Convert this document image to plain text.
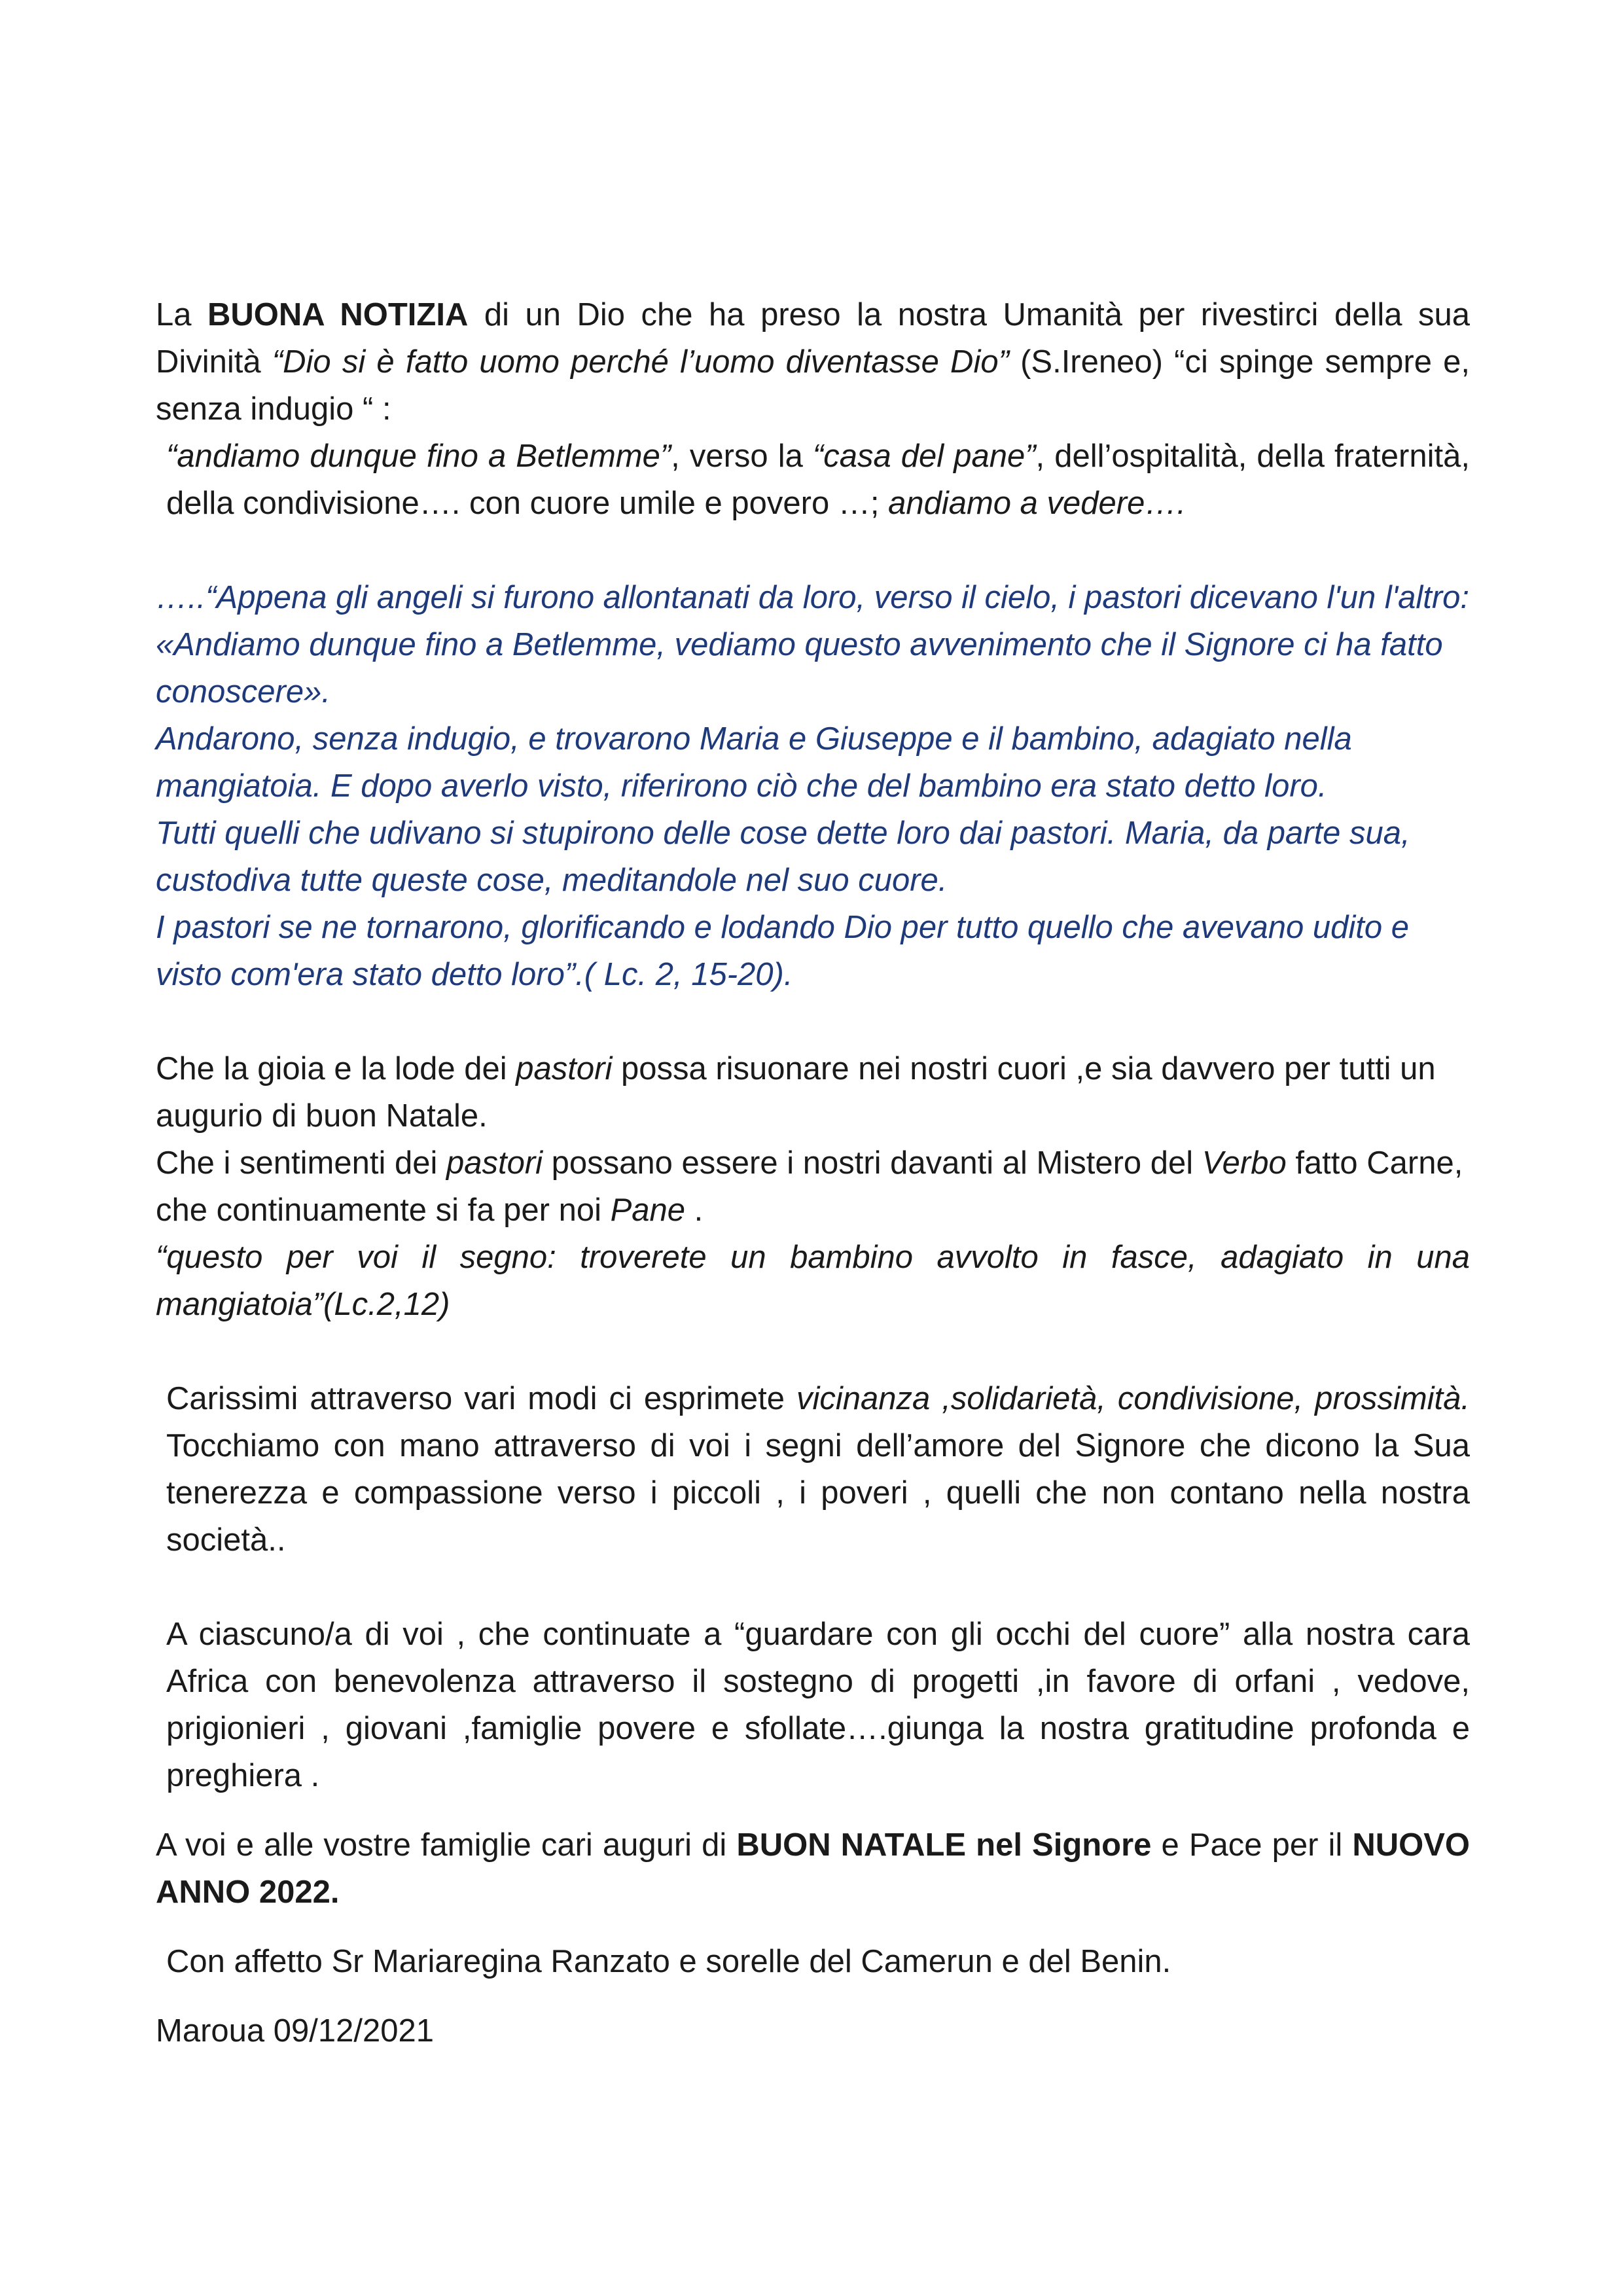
La BUONA NOTIZIA di un Dio che ha preso la nostra Umanità per rivestirci della sua Divinità “Dio si è fatto uomo perché l’uomo diventasse Dio” (S.Ireneo) “ci spinge sempre e, senza indugio “ :

“andiamo dunque fino a Betlemme”, verso la “casa del pane”, dell’ospitalità, della fraternità, della condivisione…. con cuore umile e povero …; andiamo a vedere….

…..“Appena gli angeli si furono allontanati da loro, verso il cielo, i pastori dicevano l'un l'altro: «Andiamo dunque fino a Betlemme, vediamo questo avvenimento che il Signore ci ha fatto conoscere».
Andarono, senza indugio, e trovarono Maria e Giuseppe e il bambino, adagiato nella mangiatoia. E dopo averlo visto, riferirono ciò che del bambino era stato detto loro.
Tutti quelli che udivano si stupirono delle cose dette loro dai pastori. Maria, da parte sua, custodiva tutte queste cose, meditandole nel suo cuore.
I pastori se ne tornarono, glorificando e lodando Dio per tutto quello che avevano udito e visto com'era stato detto loro”.( Lc. 2, 15-20).

Che la gioia e la lode dei pastori possa risuonare nei nostri cuori ,e sia davvero per tutti un augurio di buon Natale.

Che i sentimenti dei pastori possano essere i nostri davanti al Mistero del Verbo fatto Carne, che continuamente si fa per noi Pane .

“questo per voi il segno: troverete un bambino avvolto in fasce, adagiato in una mangiatoia”(Lc.2,12)

Carissimi attraverso vari modi ci esprimete vicinanza ,solidarietà, condivisione, prossimità. Tocchiamo con mano attraverso di voi i segni dell’amore del Signore che dicono la Sua tenerezza e compassione verso i piccoli , i poveri , quelli che non contano nella nostra società..

A ciascuno/a di voi , che continuate a “guardare con gli occhi del cuore” alla nostra cara Africa con benevolenza attraverso il sostegno di progetti ,in favore di orfani , vedove, prigionieri , giovani ,famiglie povere e sfollate….giunga la nostra gratitudine profonda e preghiera .

A voi e alle vostre famiglie cari auguri di BUON NATALE nel Signore e Pace per il NUOVO ANNO 2022.

Con affetto Sr Mariaregina Ranzato e sorelle del Camerun e del Benin.

Maroua 09/12/2021
